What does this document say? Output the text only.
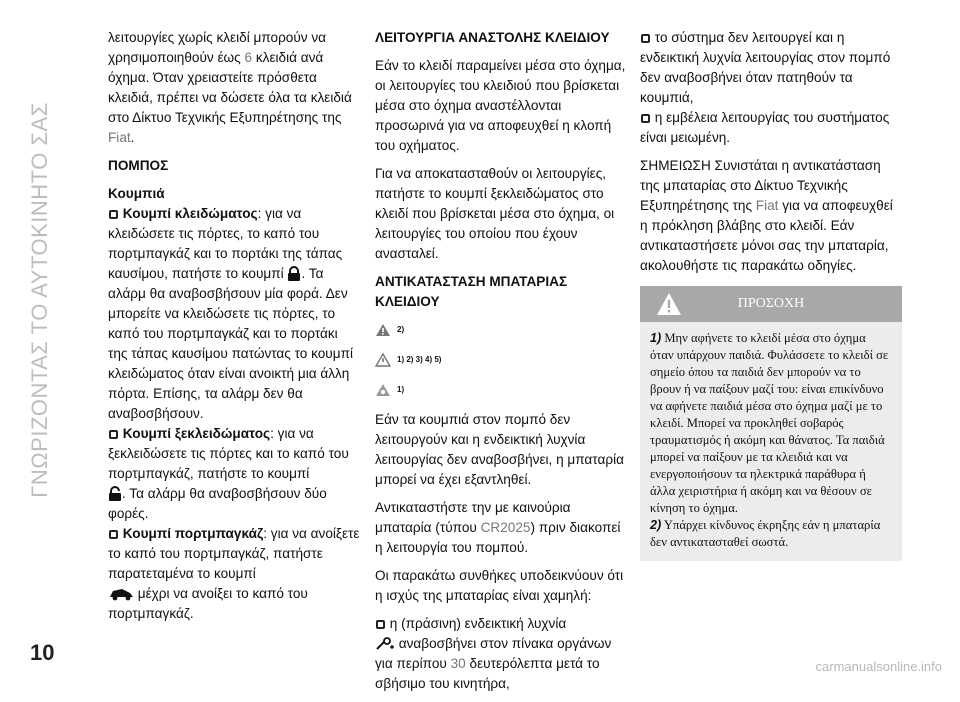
ΓΝΩΡΙΖΟΝΤΑΣ ΤΟ ΑΥΤΟΚΙΝΗΤΟ ΣΑΣ

λειτουργίες χωρίς κλειδί μπορούν να χρησιμοποιηθούν έως 6 κλειδιά ανά όχημα. Όταν χρειαστείτε πρόσθετα κλειδιά, πρέπει να δώσετε όλα τα κλειδιά στο Δίκτυο Τεχνικής Εξυπηρέτησης της Fiat.

ΠΟΜΠΟΣ

Κουμπιά
Κουμπί κλειδώματος: για να κλειδώσετε τις πόρτες, το καπό του πορτμπαγκάζ και το πορτάκι της τάπας καυσίμου, πατήστε το κουμπί . Τα αλάρμ θα αναβοσβήσουν μία φορά. Δεν μπορείτε να κλειδώσετε τις πόρτες, το καπό του πορτμπαγκάζ και το πορτάκι της τάπας καυσίμου πατώντας το κουμπί κλειδώματος όταν είναι ανοικτή μια άλλη πόρτα. Επίσης, τα αλάρμ δεν θα αναβοσβήσουν.
Κουμπί ξεκλειδώματος: για να ξεκλειδώσετε τις πόρτες και το καπό του πορτμπαγκάζ, πατήστε το κουμπί
. Τα αλάρμ θα αναβοσβήσουν δύο φορές.
Κουμπί πορτμπαγκάζ: για να ανοίξετε το καπό του πορτμπαγκάζ, πατήστε παρατεταμένα το κουμπί
μέχρι να ανοίξει το καπό του πορτμπαγκάζ.

ΛΕΙΤΟΥΡΓΙΑ ΑΝΑΣΤΟΛΗΣ ΚΛΕΙΔΙΟΥ

Εάν το κλειδί παραμείνει μέσα στο όχημα, οι λειτουργίες του κλειδιού που βρίσκεται μέσα στο όχημα αναστέλλονται προσωρινά για να αποφευχθεί η κλοπή του οχήματος.

Για να αποκατασταθούν οι λειτουργίες, πατήστε το κουμπί ξεκλειδώματος στο κλειδί που βρίσκεται μέσα στο όχημα, οι λειτουργίες του οποίου που έχουν ανασταλεί.

ΑΝΤΙΚΑΤΑΣΤΑΣΗ ΜΠΑΤΑΡΙΑΣ ΚΛΕΙΔΙΟΥ

2)
1) 2) 3) 4) 5)
1)

Εάν τα κουμπιά στον πομπό δεν λειτουργούν και η ενδεικτική λυχνία λειτουργίας δεν αναβοσβήνει, η μπαταρία μπορεί να έχει εξαντληθεί.

Αντικαταστήστε την με καινούρια μπαταρία (τύπου CR2025) πριν διακοπεί η λειτουργία του πομπού.

Οι παρακάτω συνθήκες υποδεικνύουν ότι η ισχύς της μπαταρίας είναι χαμηλή:

η (πράσινη) ενδεικτική λυχνία
αναβοσβήνει στον πίνακα οργάνων για περίπου 30 δευτερόλεπτα μετά το σβήσιμο του κινητήρα,

το σύστημα δεν λειτουργεί και η ενδεικτική λυχνία λειτουργίας στον πομπό δεν αναβοσβήνει όταν πατηθούν τα κουμπιά,
η εμβέλεια λειτουργίας του συστήματος είναι μειωμένη.

ΣΗΜΕΙΩΣΗ Συνιστάται η αντικατάσταση της μπαταρίας στο Δίκτυο Τεχνικής Εξυπηρέτησης της Fiat για να αποφευχθεί η πρόκληση βλάβης στο κλειδί. Εάν αντικαταστήσετε μόνοι σας την μπαταρία, ακολουθήστε τις παρακάτω οδηγίες.

ΠΡΟΣΟΧΗ
1) Μην αφήνετε το κλειδί μέσα στο όχημα όταν υπάρχουν παιδιά. Φυλάσσετε το κλειδί σε σημείο όπου τα παιδιά δεν μπορούν να το βρουν ή να παίξουν μαζί του: είναι επικίνδυνο να αφήνετε παιδιά μέσα στο όχημα μαζί με το κλειδί. Μπορεί να προκληθεί σοβαρός τραυματισμός ή ακόμη και θάνατος. Τα παιδιά μπορεί να παίξουν με τα κλειδιά και να ενεργοποιήσουν τα ηλεκτρικά παράθυρα ή άλλα χειριστήρια ή ακόμη και να θέσουν σε κίνηση το όχημα.
2) Υπάρχει κίνδυνος έκρηξης εάν η μπαταρία δεν αντικατασταθεί σωστά.
10
carmanualsonline.info
